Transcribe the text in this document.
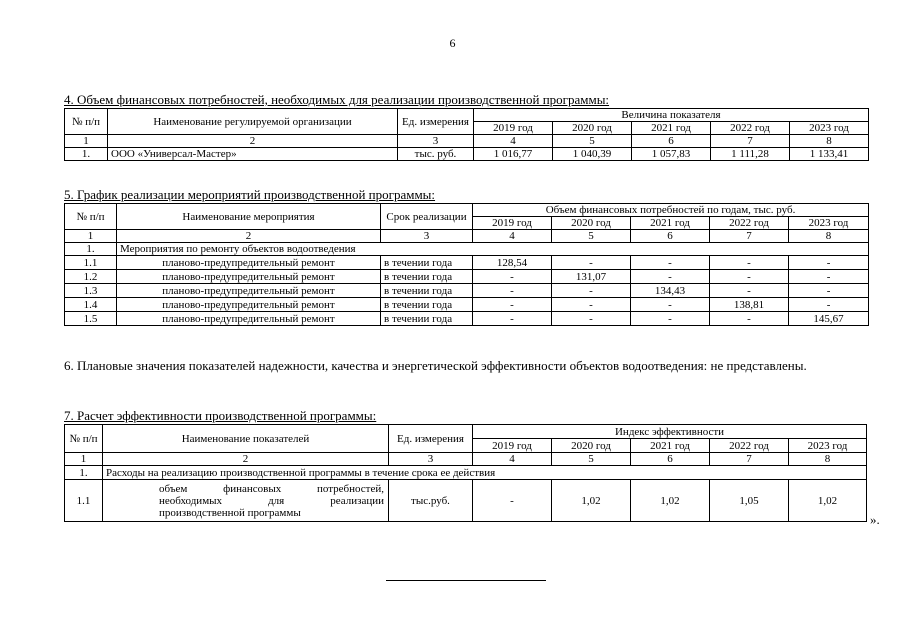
6
4. Объем финансовых потребностей, необходимых для реализации производственной программы:
№ п/п	Наименование регулируемой организации	Ед. измерения	Величина показателя				
			2019 год	2020 год	2021 год	2022 год	2023 год
1	2	3	4	5	6	7	8
1.	ООО «Универсал-Мастер»	тыс. руб.	1 016,77	1 040,39	1 057,83	1 111,28	1 133,41
5. График реализации мероприятий производственной программы:
№ п/п	Наименование мероприятия	Срок реализации	Объем финансовых потребностей по годам, тыс. руб.				
			2019 год	2020 год	2021 год	2022 год	2023 год
1	2	3	4	5	6	7	8
1.	Мероприятия по ремонту объектов водоотведения						
1.1	планово-предупредительный ремонт	в течении года	128,54	-	-	-	-
1.2	планово-предупредительный ремонт	в течении года	-	131,07	-	-	-
1.3	планово-предупредительный ремонт	в течении года	-	-	134,43	-	-
1.4	планово-предупредительный ремонт	в течении года	-	-	-	138,81	-
1.5	планово-предупредительный ремонт	в течении года	-	-	-	-	145,67
6. Плановые значения показателей надежности, качества и энергетической эффективности объектов водоотведения: не представлены.
7. Расчет эффективности производственной программы:
№ п/п	Наименование показателей	Ед. измерения	Индекс эффективности				
			2019 год	2020 год	2021 год	2022 год	2023 год
1	2	3	4	5	6	7	8
1.	Расходы на реализацию производственной программы в течение срока ее действия						
1.1	объем финансовых потребностей,
необходимых для реализации
производственной программы	тыс.руб.	-	1,02	1,02	1,05	1,02
».
